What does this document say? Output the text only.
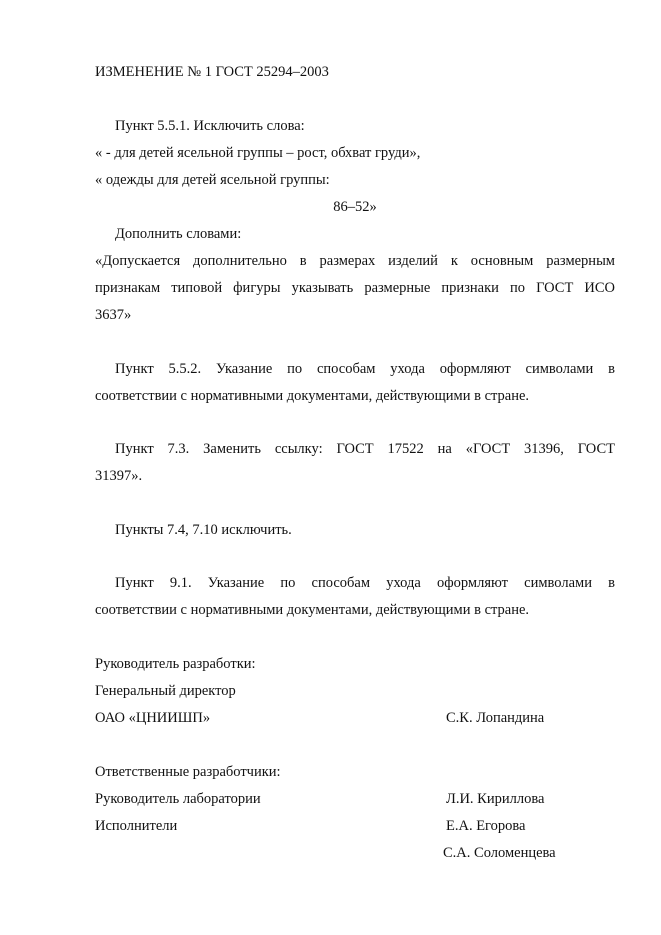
ИЗМЕНЕНИЕ № 1 ГОСТ 25294–2003
Пункт 5.5.1. Исключить слова:
« - для детей ясельной группы – рост, обхват груди»,
« одежды для детей ясельной группы:
86–52»
Дополнить словами:
«Допускается дополнительно в размерах изделий к основным размерным
признакам типовой фигуры указывать размерные признаки по ГОСТ ИСО
3637»
Пункт 5.5.2. Указание по способам ухода оформляют символами в
соответствии с нормативными документами, действующими в стране.
Пункт 7.3. Заменить ссылку: ГОСТ 17522 на «ГОСТ 31396, ГОСТ
31397».
Пункты 7.4, 7.10 исключить.
Пункт 9.1. Указание по способам ухода оформляют символами в
соответствии с нормативными документами, действующими в стране.
Руководитель разработки:
Генеральный директор
ОАО «ЦНИИШП»	С.К. Лопандина
Ответственные разработчики:
Руководитель лаборатории	Л.И. Кириллова
Исполнители	Е.А. Егорова
С.А. Соломенцева
